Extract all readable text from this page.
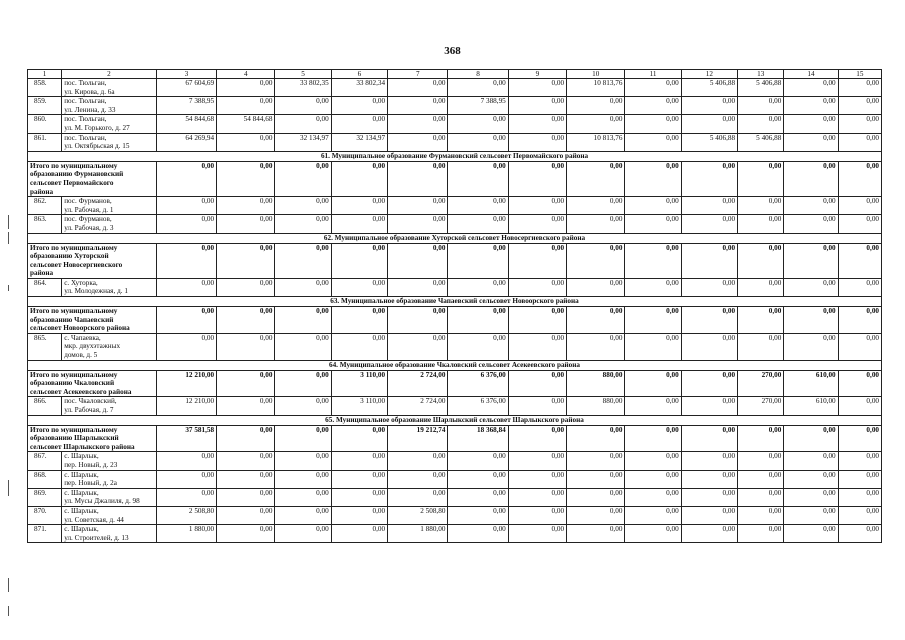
368
1	2	3	4	5	6	7	8	9	10	11	12	13	14	15
858.	пос. Тюльган,
ул. Кирова, д. 6а	67 604,69	0,00	33 802,35	33 802,34	0,00	0,00	0,00	10 813,76	0,00	5 406,88	5 406,88	0,00	0,00
859.	пос. Тюльган,
ул. Ленина, д. 33	7 388,95	0,00	0,00	0,00	0,00	7 388,95	0,00	0,00	0,00	0,00	0,00	0,00	0,00
860.	пос. Тюльган,
ул. М. Горького, д. 27	54 844,68	54 844,68	0,00	0,00	0,00	0,00	0,00	0,00	0,00	0,00	0,00	0,00	0,00
861.	пос. Тюльган,
ул. Октябрьская д. 15	64 269,94	0,00	32 134,97	32 134,97	0,00	0,00	0,00	10 813,76	0,00	5 406,88	5 406,88	0,00	0,00
61. Муниципальное образование Фурмановский сельсовет Первомайского района														
Итого по муниципальному
образованию Фурмановский
сельсовет Первомайского
района		0,00	0,00	0,00	0,00	0,00	0,00	0,00	0,00	0,00	0,00	0,00	0,00	0,00
862.	пос. Фурманов,
ул. Рабочая, д. 1	0,00	0,00	0,00	0,00	0,00	0,00	0,00	0,00	0,00	0,00	0,00	0,00	0,00
863.	пос. Фурманов,
ул. Рабочая, д. 3	0,00	0,00	0,00	0,00	0,00	0,00	0,00	0,00	0,00	0,00	0,00	0,00	0,00
62. Муниципальное образование Хуторской сельсовет Новосергиевского района														
Итого по муниципальному
образованию Хуторской
сельсовет Новосергиевского
района		0,00	0,00	0,00	0,00	0,00	0,00	0,00	0,00	0,00	0,00	0,00	0,00	0,00
864.	с. Хуторка,
ул. Молодежная, д. 1	0,00	0,00	0,00	0,00	0,00	0,00	0,00	0,00	0,00	0,00	0,00	0,00	0,00
63. Муниципальное образование Чапаевский сельсовет Новоорского района														
Итого по муниципальному
образованию Чапаевский
сельсовет Новоорского района		0,00	0,00	0,00	0,00	0,00	0,00	0,00	0,00	0,00	0,00	0,00	0,00	0,00
865.	с. Чапаевка,
мкр. двухэтажных
домов, д. 5	0,00	0,00	0,00	0,00	0,00	0,00	0,00	0,00	0,00	0,00	0,00	0,00	0,00
64. Муниципальное образование Чкаловский сельсовет Асекеевского района														
Итого по муниципальному
образованию Чкаловский
сельсовет Асекеевского района		12 210,00	0,00	0,00	3 110,00	2 724,00	6 376,00	0,00	880,00	0,00	0,00	270,00	610,00	0,00
866.	пос. Чкаловский,
ул. Рабочая, д. 7	12 210,00	0,00	0,00	3 110,00	2 724,00	6 376,00	0,00	880,00	0,00	0,00	270,00	610,00	0,00
65. Муниципальное образование Шарлыкский сельсовет Шарлыкского района														
Итого по муниципальному
образованию Шарлыкский
сельсовет Шарлыкского района		37 581,58	0,00	0,00	0,00	19 212,74	18 368,84	0,00	0,00	0,00	0,00	0,00	0,00	0,00
867.	с. Шарлык,
пер. Новый, д. 23	0,00	0,00	0,00	0,00	0,00	0,00	0,00	0,00	0,00	0,00	0,00	0,00	0,00
868.	с. Шарлык,
пер. Новый, д. 2а	0,00	0,00	0,00	0,00	0,00	0,00	0,00	0,00	0,00	0,00	0,00	0,00	0,00
869.	с. Шарлык,
ул. Мусы Джалиля, д. 98	0,00	0,00	0,00	0,00	0,00	0,00	0,00	0,00	0,00	0,00	0,00	0,00	0,00
870.	с. Шарлык,
ул. Советская, д. 44	2 508,80	0,00	0,00	0,00	2 508,80	0,00	0,00	0,00	0,00	0,00	0,00	0,00	0,00
871.	с. Шарлык,
ул. Строителей, д. 13	1 880,00	0,00	0,00	0,00	1 880,00	0,00	0,00	0,00	0,00	0,00	0,00	0,00	0,00
